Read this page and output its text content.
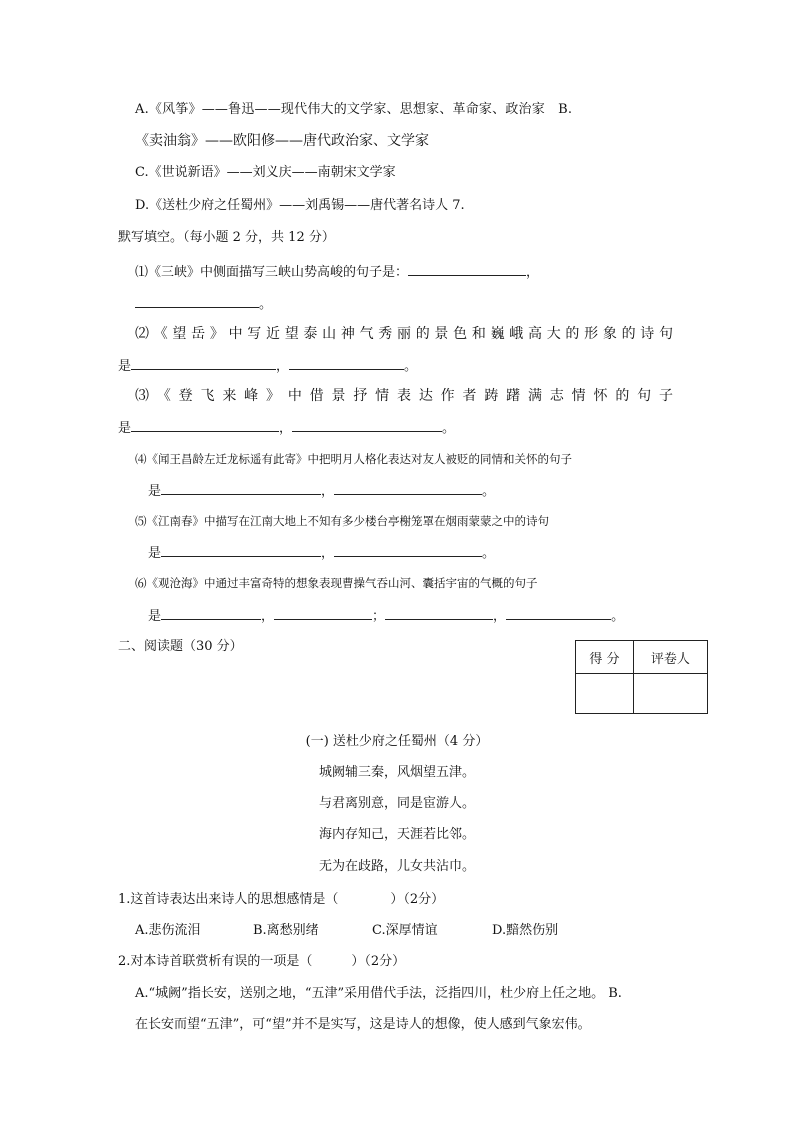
A.《风筝》——鲁迅——现代伟大的文学家、思想家、革命家、政治家　B.
《卖油翁》——欧阳修——唐代政治家、文学家
C.《世说新语》——刘义庆——南朝宋文学家
D.《送杜少府之任蜀州》——刘禹锡——唐代著名诗人 7.
默写填空。（每小题 2 分，共 12 分）
⑴《三峡》中侧面描写三峡山势高峻的句子是：	，
。
⑵《望岳》中写近望泰山神气秀丽的景色和巍峨高大的形象的诗句
是	，	。
⑶《登飞来峰》中借景抒情表达作者踌躇满志情怀的句子
是	，	。
⑷《闻王昌龄左迁龙标遥有此寄》中把明月人格化表达对友人被贬的同情和关怀的句子
是	，	。
⑸《江南春》中描写在江南大地上不知有多少楼台亭榭笼罩在烟雨蒙蒙之中的诗句
是	，	。
⑹《观沧海》中通过丰富奇特的想象表现曹操气吞山河、囊括宇宙的气概的句子
是	，	；	，	。
二、阅读题（30 分）
得 分	评卷人

(一) 送杜少府之任蜀州（4 分）
城阙辅三秦，风烟望五津。
与君离别意，同是宦游人。
海内存知己，天涯若比邻。
无为在歧路，儿女共沾巾。
1.这首诗表达出来诗人的思想感情是（　　　　）（2分）
A.悲伤流泪	B.离愁别绪	C.深厚情谊	D.黯然伤别
2.对本诗首联赏析有误的一项是（　　　）（2分）
A.“城阙”指长安，送别之地，“五津”采用借代手法，泛指四川，杜少府上任之地。 B.
在长安而望“五津”，可“望”并不是实写，这是诗人的想像，使人感到气象宏伟。
